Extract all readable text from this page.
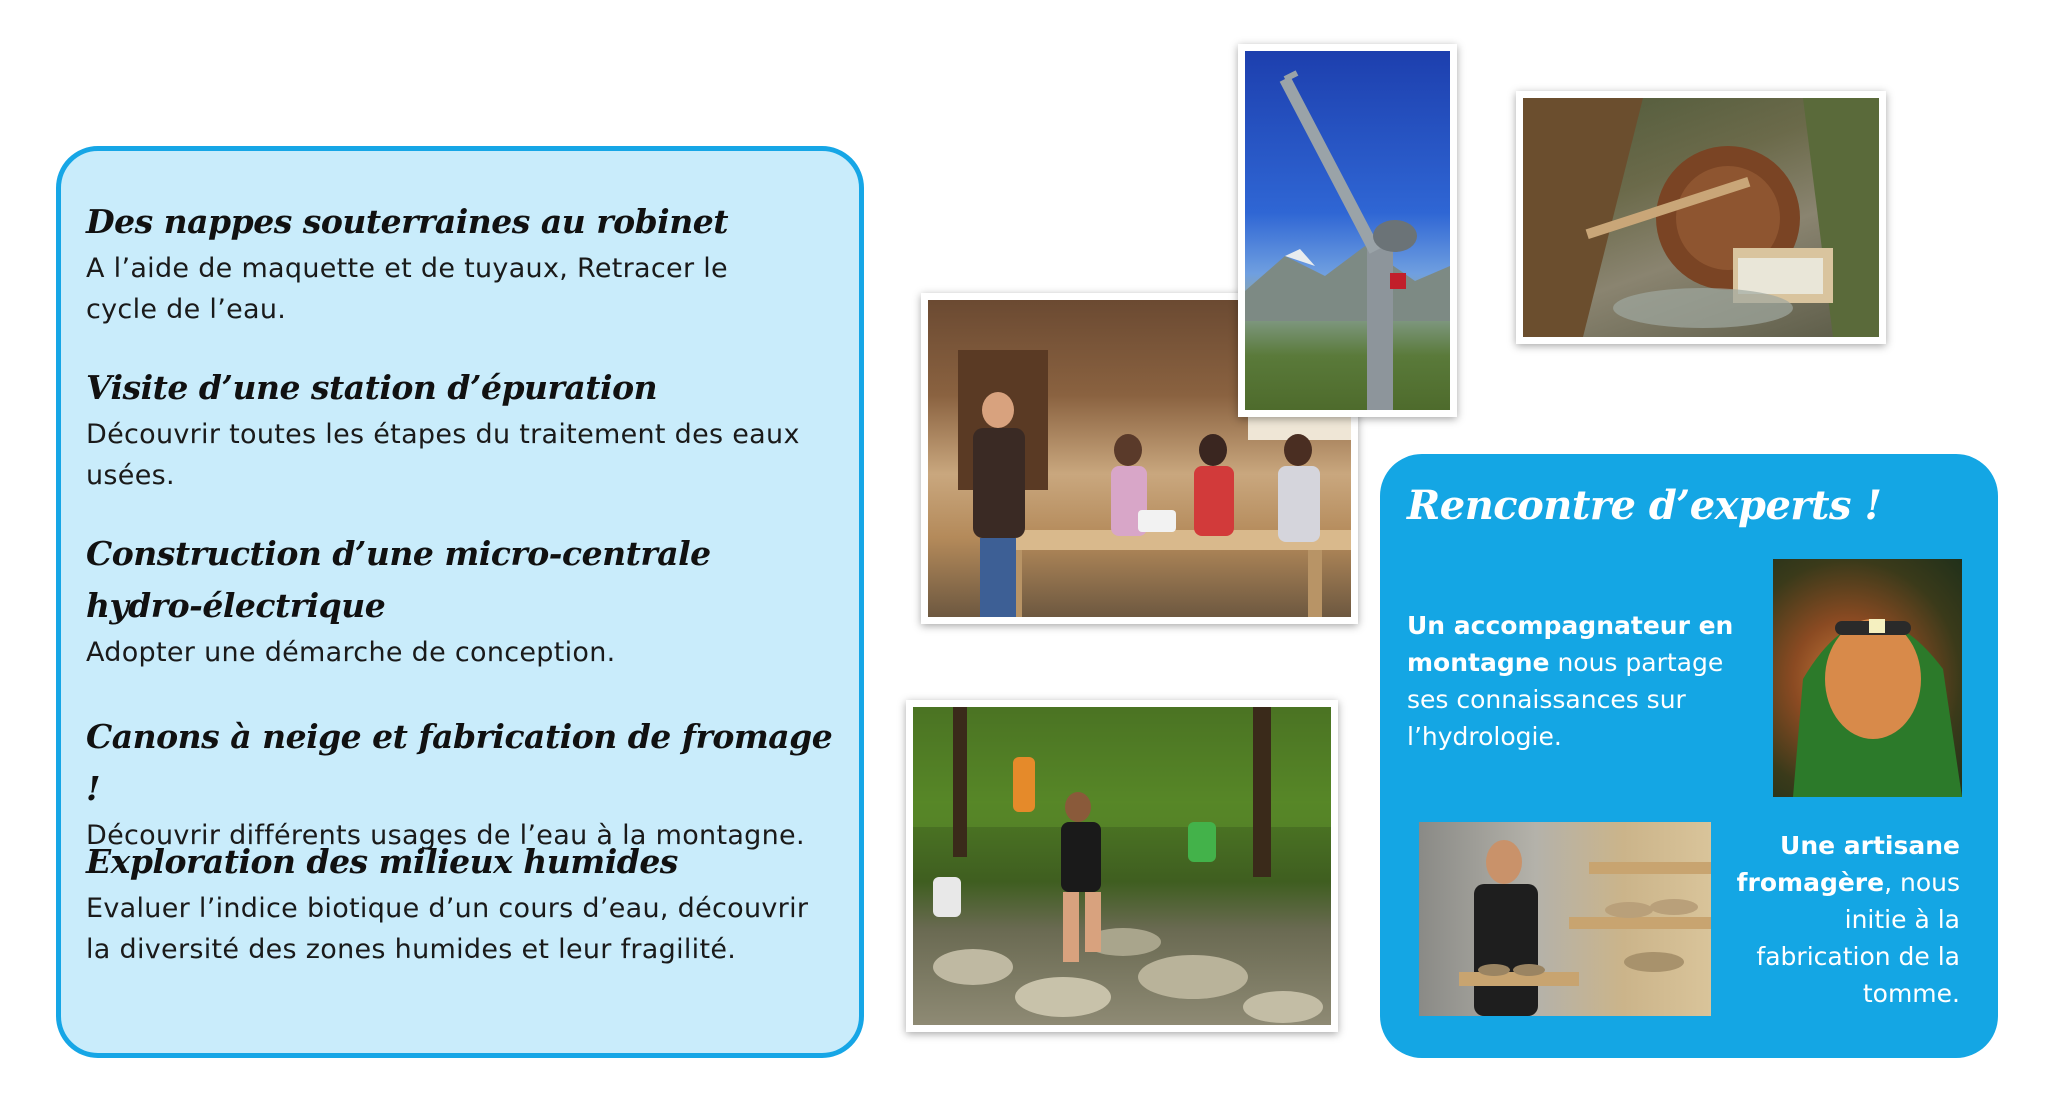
Des nappes souterraines au robinet

A l’aide de maquette et de tuyaux, Retracer le cycle de l’eau.

Visite d’une station d’épuration

Découvrir toutes les étapes du traitement des eaux usées.

Construction d’une micro-centrale hydro-électrique

Adopter une démarche de conception.

Canons à neige et fabrication de fromage !

Découvrir différents usages de l’eau à la montagne.

Exploration des milieux humides

Evaluer l’indice biotique d’un cours d’eau, découvrir la diversité des zones humides et leur fragilité.

Rencontre d’experts !

Un accompagnateur en montagne nous partage ses connaissances sur l’hydrologie.

Une artisane fromagère, nous initie à la fabrication de la tomme.
